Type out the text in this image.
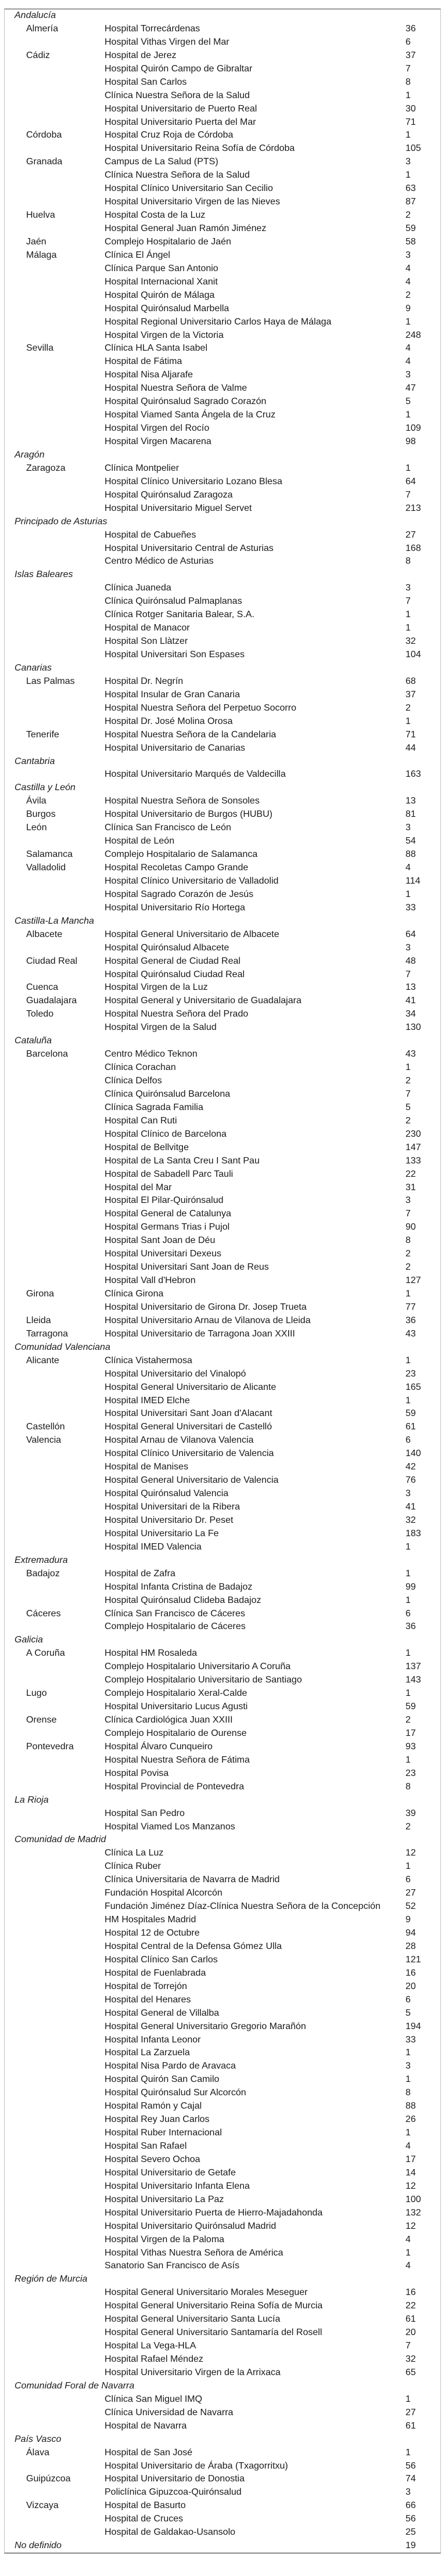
Andalucía
Almería	Hospital Torrecárdenas	36
Hospital Vithas Virgen del Mar	6
Cádiz	Hospital de Jerez	37
Hospital Quirón Campo de Gibraltar	7
Hospital San Carlos	8
Clínica Nuestra Señora de la Salud	1
Hospital Universitario de Puerto Real	30
Hospital Universitario Puerta del Mar	71
Córdoba	Hospital Cruz Roja de Córdoba	1
Hospital Universitario Reina Sofía de Córdoba	105
Granada	Campus de La Salud (PTS)	3
Clínica Nuestra Señora de la Salud	1
Hospital Clínico Universitario San Cecilio	63
Hospital Universitario Virgen de las Nieves	87
Huelva	Hospital Costa de la Luz	2
Hospital General Juan Ramón Jiménez	59
Jaén	Complejo Hospitalario de Jaén	58
Málaga	Clínica El Ángel	3
Clínica Parque San Antonio	4
Hospital Internacional Xanit	4
Hospital Quirón de Málaga	2
Hospital Quirónsalud Marbella	9
Hospital Regional Universitario Carlos Haya de Málaga	1
Hospital Virgen de la Victoria	248
Sevilla	Clínica HLA Santa Isabel	4
Hospital de Fátima	4
Hospital Nisa Aljarafe	3
Hospital Nuestra Señora de Valme	47
Hospital Quirónsalud Sagrado Corazón	5
Hospital Viamed Santa Ángela de la Cruz	1
Hospital Virgen del Rocío	109
Hospital Virgen Macarena	98
Aragón
Zaragoza	Clínica Montpelier	1
Hospital Clínico Universitario Lozano Blesa	64
Hospital Quirónsalud Zaragoza	7
Hospital Universitario Miguel Servet	213
Principado de Asturias
Hospital de Cabueñes	27
Hospital Universitario Central de Asturias	168
Centro Médico de Asturias	8
Islas Baleares
Clínica Juaneda	3
Clínica Quirónsalud Palmaplanas	7
Clínica Rotger Sanitaria Balear, S.A.	1
Hospital de Manacor	1
Hospital Son Llàtzer	32
Hospital Universitari Son Espases	104
Canarias
Las Palmas	Hospital Dr. Negrín	68
Hospital Insular de Gran Canaria	37
Hospital Nuestra Señora del Perpetuo Socorro	2
Hospital Dr. José Molina Orosa	1
Tenerife	Hospital Nuestra Señora de la Candelaria	71
Hospital Universitario de Canarias	44
Cantabria
Hospital Universitario Marqués de Valdecilla	163
Castilla y León
Ávila	Hospital Nuestra Señora de Sonsoles	13
Burgos	Hospital Universitario de Burgos (HUBU)	81
León	Clínica San Francisco de León	3
Hospital de León	54
Salamanca	Complejo Hospitalario de Salamanca	88
Valladolid	Hospital Recoletas Campo Grande	4
Hospital Clínico Universitario de Valladolid	114
Hospital Sagrado Corazón de Jesús	1
Hospital Universitario Río Hortega	33
Castilla-La Mancha
Albacete	Hospital General Universitario de Albacete	64
Hospital Quirónsalud Albacete	3
Ciudad Real	Hospital General de Ciudad Real	48
Hospital Quirónsalud Ciudad Real	7
Cuenca	Hospital Virgen de la Luz	13
Guadalajara	Hospital General y Universitario de Guadalajara	41
Toledo	Hospital Nuestra Señora del Prado	34
Hospital Virgen de la Salud	130
Cataluña
Barcelona	Centro Médico Teknon	43
Clínica Corachan	1
Clínica Delfos	2
Clínica Quirónsalud Barcelona	7
Clínica Sagrada Familia	5
Hospital Can Ruti	2
Hospital Clínico de Barcelona	230
Hospital de Bellvitge	147
Hospital de La Santa Creu I Sant Pau	133
Hospital de Sabadell Parc Tauli	22
Hospital del Mar	31
Hospital El Pilar-Quirónsalud	3
Hospital General de Catalunya	7
Hospital Germans Trias i Pujol	90
Hospital Sant Joan de Déu	8
Hospital Universitari Dexeus	2
Hospital Universitari Sant Joan de Reus	2
Hospital Vall d'Hebron	127
Girona	Clínica Girona	1
Hospital Universitario de Girona Dr. Josep Trueta	77
Lleida	Hospital Universitario Arnau de Vilanova de Lleida	36
Tarragona	Hospital Universitario de Tarragona Joan XXIII	43
Comunidad Valenciana
Alicante	Clínica Vistahermosa	1
Hospital Universitario del Vinalopó	23
Hospital General Universitario de Alicante	165
Hospital IMED Elche	1
Hospital Universitari Sant Joan d'Alacant	59
Castellón	Hospital General Universitari de Castelló	61
Valencia	Hospital Arnau de Vilanova Valencia	6
Hospital Clínico Universitario de Valencia	140
Hospital de Manises	42
Hospital General Universitario de Valencia	76
Hospital Quirónsalud Valencia	3
Hospital Universitari de la Ribera	41
Hospital Universitario Dr. Peset	32
Hospital Universitario La Fe	183
Hospital IMED Valencia	1
Extremadura
Badajoz	Hospital de Zafra	1
Hospital Infanta Cristina de Badajoz	99
Hospital Quirónsalud Clideba Badajoz	1
Cáceres	Clínica San Francisco de Cáceres	6
Complejo Hospitalario de Cáceres	36
Galicia
A Coruña	Hospital HM Rosaleda	1
Complejo Hospitalario Universitario A Coruña	137
Complejo Hospitalario Universitario de Santiago	143
Lugo	Complejo Hospitalario Xeral-Calde	1
Hospital Universitario Lucus Agusti	59
Orense	Clínica Cardiológica Juan XXIII	2
Complejo Hospitalario de Ourense	17
Pontevedra	Hospital Álvaro Cunqueiro	93
Hospital Nuestra Señora de Fátima	1
Hospital Povisa	23
Hospital Provincial de Pontevedra	8
La Rioja
Hospital San Pedro	39
Hospital Viamed Los Manzanos	2
Comunidad de Madrid
Clínica La Luz	12
Clínica Ruber	1
Clínica Universitaria de Navarra de Madrid	6
Fundación Hospital Alcorcón	27
Fundación Jiménez Díaz-Clínica Nuestra Señora de la Concepción	52
HM Hospitales Madrid	9
Hospital 12 de Octubre	94
Hospital Central de la Defensa Gómez Ulla	28
Hospital Clínico San Carlos	121
Hospital de Fuenlabrada	16
Hospital de Torrejón	20
Hospital del Henares	6
Hospital General de Villalba	5
Hospital General Universitario Gregorio Marañón	194
Hospital Infanta Leonor	33
Hospital La Zarzuela	1
Hospital Nisa Pardo de Aravaca	3
Hospital Quirón San Camilo	1
Hospital Quirónsalud Sur Alcorcón	8
Hospital Ramón y Cajal	88
Hospital Rey Juan Carlos	26
Hospital Ruber Internacional	1
Hospital San Rafael	4
Hospital Severo Ochoa	17
Hospital Universitario de Getafe	14
Hospital Universitario Infanta Elena	12
Hospital Universitario La Paz	100
Hospital Universitario Puerta de Hierro-Majadahonda	132
Hospital Universitario Quirónsalud Madrid	12
Hospital Virgen de la Paloma	4
Hospital Vithas Nuestra Señora de América	1
Sanatorio San Francisco de Asís	4
Región de Murcia
Hospital General Universitario Morales Meseguer	16
Hospital General Universitario Reina Sofía de Murcia	22
Hospital General Universitario Santa Lucía	61
Hospital General Universitario Santamaría del Rosell	20
Hospital La Vega-HLA	7
Hospital Rafael Méndez	32
Hospital Universitario Virgen de la Arrixaca	65
Comunidad Foral de Navarra
Clínica San Miguel IMQ	1
Clínica Universidad de Navarra	27
Hospital de Navarra	61
País Vasco
Álava	Hospital de San José	1
Hospital Universitario de Áraba (Txagorritxu)	56
Guipúzcoa	Hospital Universitario de Donostia	74
Policlínica Gipuzcoa-Quirónsalud	3
Vizcaya	Hospital de Basurto	66
Hospital de Cruces	56
Hospital de Galdakao-Usansolo	25
No definido	19
